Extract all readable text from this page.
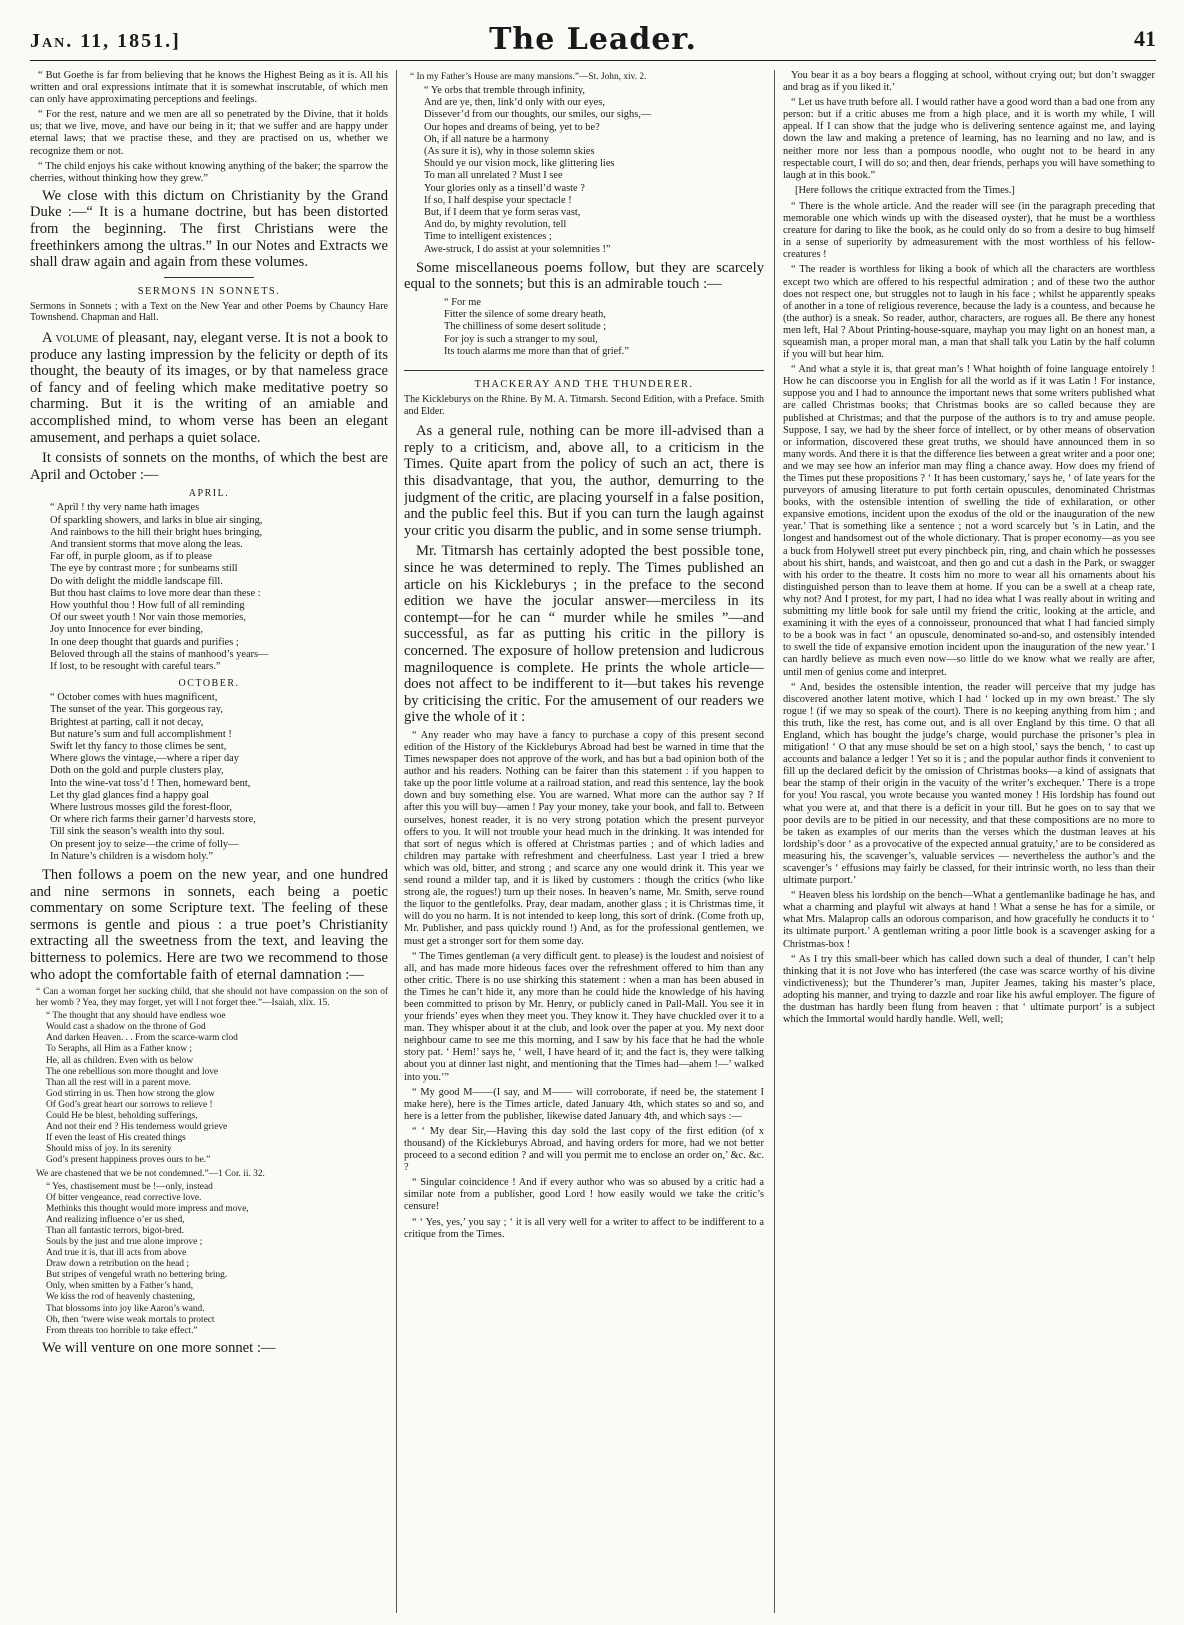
Jan. 11, 1851.]	The Leader.	41

“ But Goethe is far from believing that he knows the Highest Being as it is. All his written and oral expressions intimate that it is somewhat inscrutable, of which men can only have approximating perceptions and feelings.

“ For the rest, nature and we men are all so penetrated by the Divine, that it holds us; that we live, move, and have our being in it; that we suffer and are happy under eternal laws; that we practise these, and they are practised on us, whether we recognize them or not.

“ The child enjoys his cake without knowing anything of the baker; the sparrow the cherries, without thinking how they grew.”

We close with this dictum on Christianity by the Grand Duke :—“ It is a humane doctrine, but has been distorted from the beginning. The first Christians were the freethinkers among the ultras.” In our Notes and Extracts we shall draw again and again from these volumes.

SERMONS IN SONNETS.

Sermons in Sonnets ; with a Text on the New Year and other Poems by Chauncy Hare Townshend. Chapman and Hall.

A volume of pleasant, nay, elegant verse. It is not a book to produce any lasting impression by the felicity or depth of its thought, the beauty of its images, or by that nameless grace of fancy and of feeling which make meditative poetry so charming. But it is the writing of an amiable and accomplished mind, to whom verse has been an elegant amusement, and perhaps a quiet solace.

It consists of sonnets on the months, of which the best are April and October :—

APRIL.
“ April ! thy very name hath images
Of sparkling showers, and larks in blue air singing,
And rainbows to the hill their bright hues bringing,
And transient storms that move along the leas.
Far off, in purple gloom, as if to please
The eye by contrast more ; for sunbeams still
Do with delight the middle landscape fill.
But thou hast claims to love more dear than these :
How youthful thou ! How full of all reminding
Of our sweet youth ! Nor vain those memories,
Joy unto Innocence for ever binding,
In one deep thought that guards and purifies ;
Beloved through all the stains of manhood’s years—
If lost, to be resought with careful tears.”
OCTOBER.
“ October comes with hues magnificent,
The sunset of the year. This gorgeous ray,
Brightest at parting, call it not decay,
But nature’s sum and full accomplishment !
Swift let thy fancy to those climes be sent,
Where glows the vintage,—where a riper day
Doth on the gold and purple clusters play,
Into the wine-vat toss’d ! Then, homeward bent,
Let thy glad glances find a happy goal
Where lustrous mosses gild the forest-floor,
Or where rich farms their garner’d harvests store,
Till sink the season’s wealth into thy soul.
On present joy to seize—the crime of folly—
In Nature’s children is a wisdom holy.”

Then follows a poem on the new year, and one hundred and nine sermons in sonnets, each being a poetic commentary on some Scripture text. The feeling of these sermons is gentle and pious : a true poet’s Christianity extracting all the sweetness from the text, and leaving the bitterness to polemics. Here are two we recommend to those who adopt the comfortable faith of eternal damnation :—

“ Can a woman forget her sucking child, that she should not have compassion on the son of her womb ? Yea, they may forget, yet will I not forget thee.”—Isaiah, xlix. 15.

“ The thought that any should have endless woe
Would cast a shadow on the throne of God
And darken Heaven. . . From the scarce-warm clod
To Seraphs, all Him as a Father know ;
He, all as children. Even with us below
The one rebellious son more thought and love
Than all the rest will in a parent move.
God stirring in us. Then how strong the glow
Of God’s great heart our sorrows to relieve !
Could He be blest, beholding sufferings,
And not their end ? His tenderness would grieve
If even the least of His created things
Should miss of joy. In its serenity
God’s present happiness proves ours to be.”

We are chastened that we be not condemned.”—1 Cor. ii. 32.

“ Yes, chastisement must be !—only, instead
Of bitter vengeance, read corrective love.
Methinks this thought would more impress and move,
And realizing influence o’er us shed,
Than all fantastic terrors, bigot-bred.
Souls by the just and true alone improve ;
And true it is, that ill acts from above
Draw down a retribution on the head ;
But stripes of vengeful wrath no bettering bring.
Only, when smitten by a Father’s hand,
We kiss the rod of heavenly chastening,
That blossoms into joy like Aaron’s wand.
Oh, then ’twere wise weak mortals to protect
From threats too horrible to take effect.”

We will venture on one more sonnet :—

“ In my Father’s House are many mansions.”—St. John, xiv. 2.

“ Ye orbs that tremble through infinity,
And are ye, then, link’d only with our eyes,
Dissever’d from our thoughts, our smiles, our sighs,—
Our hopes and dreams of being, yet to be?
Oh, if all nature be a harmony
(As sure it is), why in those solemn skies
Should ye our vision mock, like glittering lies
To man all unrelated ? Must I see
Your glories only as a tinsell’d waste ?
If so, I half despise your spectacle !
But, if I deem that ye form seras vast,
And do, by mighty revolution, tell
Time to intelligent existences ;
Awe-struck, I do assist at your solemnities !”

Some miscellaneous poems follow, but they are scarcely equal to the sonnets; but this is an admirable touch :—

“ For me
Fitter the silence of some dreary heath,
The chilliness of some desert solitude ;
For joy is such a stranger to my soul,
Its touch alarms me more than that of grief.”
THACKERAY AND THE THUNDERER.

The Kickleburys on the Rhine. By M. A. Titmarsh. Second Edition, with a Preface. Smith and Elder.

As a general rule, nothing can be more ill-advised than a reply to a criticism, and, above all, to a criticism in the Times. Quite apart from the policy of such an act, there is this disadvantage, that you, the author, demurring to the judgment of the critic, are placing yourself in a false position, and the public feel this. But if you can turn the laugh against your critic you disarm the public, and in some sense triumph.

Mr. Titmarsh has certainly adopted the best possible tone, since he was determined to reply. The Times published an article on his Kickleburys ; in the preface to the second edition we have the jocular answer—merciless in its contempt—for he can “ murder while he smiles ”—and successful, as far as putting his critic in the pillory is concerned. The exposure of hollow pretension and ludicrous magniloquence is complete. He prints the whole article—does not affect to be indifferent to it—but takes his revenge by criticising the critic. For the amusement of our readers we give the whole of it :

“ Any reader who may have a fancy to purchase a copy of this present second edition of the History of the Kickleburys Abroad had best be warned in time that the Times newspaper does not approve of the work, and has but a bad opinion both of the author and his readers. Nothing can be fairer than this statement : if you happen to take up the poor little volume at a railroad station, and read this sentence, lay the book down and buy something else. You are warned. What more can the author say ? If after this you will buy—amen ! Pay your money, take your book, and fall to. Between ourselves, honest reader, it is no very strong potation which the present purveyor offers to you. It will not trouble your head much in the drinking. It was intended for that sort of negus which is offered at Christmas parties ; and of which ladies and children may partake with refreshment and cheerfulness. Last year I tried a brew which was old, bitter, and strong ; and scarce any one would drink it. This year we send round a milder tap, and it is liked by customers : though the critics (who like strong ale, the rogues!) turn up their noses. In heaven’s name, Mr. Smith, serve round the liquor to the gentlefolks. Pray, dear madam, another glass ; it is Christmas time, it will do you no harm. It is not intended to keep long, this sort of drink. (Come froth up, Mr. Publisher, and pass quickly round !) And, as for the professional gentlemen, we must get a stronger sort for them some day.

“ The Times gentleman (a very difficult gent. to please) is the loudest and noisiest of all, and has made more hideous faces over the refreshment offered to him than any other critic. There is no use shirking this statement : when a man has been abused in the Times he can’t hide it, any more than he could hide the knowledge of his having been committed to prison by Mr. Henry, or publicly caned in Pall-Mall. You see it in your friends’ eyes when they meet you. They know it. They have chuckled over it to a man. They whisper about it at the club, and look over the paper at you. My next door neighbour came to see me this morning, and I saw by his face that he had the whole story pat. ‘ Hem!’ says he, ‘ well, I have heard of it; and the fact is, they were talking about you at dinner last night, and mentioning that the Times had—ahem !—’ walked into you.’”

“ My good M——(I say, and M—— will corroborate, if need be, the statement I make here), here is the Times article, dated January 4th, which states so and so, and here is a letter from the publisher, likewise dated January 4th, and which says :—

“ ‘ My dear Sir,—Having this day sold the last copy of the first edition (of x thousand) of the Kickleburys Abroad, and having orders for more, had we not better proceed to a second edition ? and will you permit me to enclose an order on,’ &c. &c. ?

“ Singular coincidence ! And if every author who was so abused by a critic had a similar note from a publisher, good Lord ! how easily would we take the critic’s censure!

“ ‘ Yes, yes,’ you say ; ‘ it is all very well for a writer to affect to be indifferent to a critique from the Times.

You bear it as a boy bears a flogging at school, without crying out; but don’t swagger and brag as if you liked it.’

“ Let us have truth before all. I would rather have a good word than a bad one from any person: but if a critic abuses me from a high place, and it is worth my while, I will appeal. If I can show that the judge who is delivering sentence against me, and laying down the law and making a pretence of learning, has no learning and no law, and is neither more nor less than a pompous noodle, who ought not to be heard in any respectable court, I will do so; and then, dear friends, perhaps you will have something to laugh at in this book.”

[Here follows the critique extracted from the Times.]

“ There is the whole article. And the reader will see (in the paragraph preceding that memorable one which winds up with the diseased oyster), that he must be a worthless creature for daring to like the book, as he could only do so from a desire to bug himself in a sense of superiority by admeasurement with the most worthless of his fellow-creatures !

“ The reader is worthless for liking a book of which all the characters are worthless except two which are offered to his respectful admiration ; and of these two the author does not respect one, but struggles not to laugh in his face ; whilst he apparently speaks of another in a tone of religious reverence, because the lady is a countess, and because he (the author) is a sneak. So reader, author, characters, are rogues all. Be there any honest men left, Hal ? About Printing-house-square, mayhap you may light on an honest man, a squeamish man, a proper moral man, a man that shall talk you Latin by the half column if you will but hear him.

“ And what a style it is, that great man’s ! What hoighth of foine language entoirely ! How he can discoorse you in English for all the world as if it was Latin ! For instance, suppose you and I had to announce the important news that some writers published what are called Christmas books; that Christmas books are so called because they are published at Christmas; and that the purpose of the authors is to try and amuse people. Suppose, I say, we had by the sheer force of intellect, or by other means of observation or information, discovered these great truths, we should have announced them in so many words. And there it is that the difference lies between a great writer and a poor one; and we may see how an inferior man may fling a chance away. How does my friend of the Times put these propositions ? ‘ It has been customary,’ says he, ‘ of late years for the purveyors of amusing literature to put forth certain opuscules, denominated Christmas books, with the ostensible intention of swelling the tide of exhilaration, or other expansive emotions, incident upon the exodus of the old or the inauguration of the new year.’ That is something like a sentence ; not a word scarcely but ’s in Latin, and the longest and handsomest out of the whole dictionary. That is proper economy—as you see a buck from Holywell street put every pinchbeck pin, ring, and chain which he possesses about his shirt, hands, and waistcoat, and then go and cut a dash in the Park, or swagger with his order to the theatre. It costs him no more to wear all his ornaments about his distinguished person than to leave them at home. If you can be a swell at a cheap rate, why not? And I protest, for my part, I had no idea what I was really about in writing and submitting my little book for sale until my friend the critic, looking at the article, and examining it with the eyes of a connoisseur, pronounced that what I had fancied simply to be a book was in fact ‘ an opuscule, denominated so-and-so, and ostensibly intended to swell the tide of expansive emotion incident upon the inauguration of the new year.’ I can hardly believe as much even now—so little do we know what we really are after, until men of genius come and interpret.

“ And, besides the ostensible intention, the reader will perceive that my judge has discovered another latent motive, which I had ‘ locked up in my own breast.’ The sly rogue ! (if we may so speak of the court). There is no keeping anything from him ; and this truth, like the rest, has come out, and is all over England by this time. O that all England, which has bought the judge’s charge, would purchase the prisoner’s plea in mitigation! ‘ O that any muse should be set on a high stool,’ says the bench, ‘ to cast up accounts and balance a ledger ! Yet so it is ; and the popular author finds it convenient to fill up the declared deficit by the omission of Christmas books—a kind of assignats that bear the stamp of their origin in the vacuity of the writer’s exchequer.’ There is a trope for you! You rascal, you wrote because you wanted money ! His lordship has found out what you were at, and that there is a deficit in your till. But he goes on to say that we poor devils are to be pitied in our necessity, and that these compositions are no more to be taken as examples of our merits than the verses which the dustman leaves at his lordship’s door ‘ as a provocative of the expected annual gratuity,’ are to be considered as measuring his, the scavenger’s, valuable services — nevertheless the author’s and the scavenger’s ‘ effusions may fairly be classed, for their intrinsic worth, no less than their ultimate purport.’

“ Heaven bless his lordship on the bench—What a gentlemanlike badinage he has, and what a charming and playful wit always at hand ! What a sense he has for a simile, or what Mrs. Malaprop calls an odorous comparison, and how gracefully he conducts it to ‘ its ultimate purport.’ A gentleman writing a poor little book is a scavenger asking for a Christmas-box !

“ As I try this small-beer which has called down such a deal of thunder, I can’t help thinking that it is not Jove who has interfered (the case was scarce worthy of his divine vindictiveness); but the Thunderer’s man, Jupiter Jeames, taking his master’s place, adopting his manner, and trying to dazzle and roar like his awful employer. The figure of the dustman has hardly been flung from heaven : that ‘ ultimate purport’ is a subject which the Immortal would hardly handle. Well, well;
